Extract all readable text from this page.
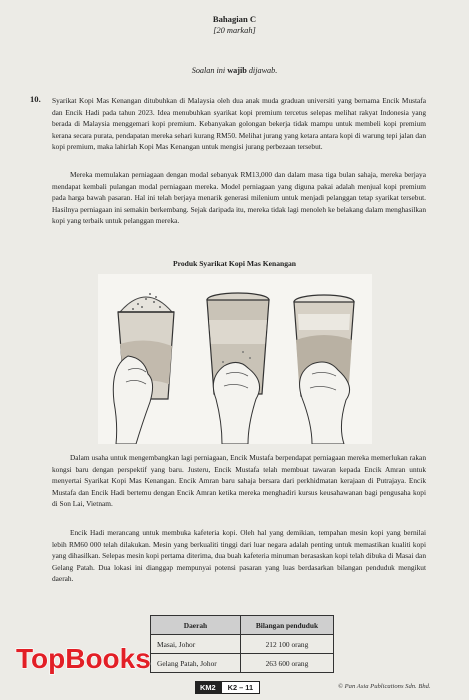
Bahagian C
[20 markah]
Soalan ini wajib dijawab.
10. Syarikat Kopi Mas Kenangan ditubuhkan di Malaysia oleh dua anak muda graduan universiti yang bernama Encik Mustafa dan Encik Hadi pada tahun 2023. Idea menubuhkan syarikat kopi premium tercetus selepas melihat rakyat Indonesia yang berada di Malaysia menggemari kopi premium. Kebanyakan golongan bekerja tidak mampu untuk membeli kopi premium kerana secara purata, pendapatan mereka sehari kurang RM50. Melihat jurang yang ketara antara kopi di warung tepi jalan dan kopi premium, maka lahirlah Kopi Mas Kenangan untuk mengisi jurang perbezaan tersebut.

Mereka memulakan perniagaan dengan modal sebanyak RM13,000 dan dalam masa tiga bulan sahaja, mereka berjaya mendapat kembali pulangan modal perniagaan mereka. Model perniagaan yang diguna pakai adalah menjual kopi premium pada harga bawah pasaran. Hal ini telah berjaya menarik generasi milenium untuk menjadi pelanggan tetap syarikat tersebut. Hasilnya perniagaan ini semakin berkembang. Sejak daripada itu, mereka tidak lagi menoleh ke belakang dalam menghasilkan kopi yang terbaik untuk pelanggan mereka.

Produk Syarikat Kopi Mas Kenangan

Dalam usaha untuk mengembangkan lagi perniagaan, Encik Mustafa berpendapat perniagaan mereka memerlukan rakan kongsi baru dengan perspektif yang baru. Justeru, Encik Mustafa telah membuat tawaran kepada Encik Amran untuk menyertai Syarikat Kopi Mas Kenangan. Encik Amran baru sahaja bersara dari perkhidmatan kerajaan di Putrajaya. Encik Mustafa dan Encik Hadi bertemu dengan Encik Amran ketika mereka menghadiri kursus keusahawanan bagi pengusaha kopi di Son Lai, Vietnam.

Encik Hadi merancang untuk membuka kafeteria kopi. Oleh hal yang demikian, tempahan mesin kopi yang bernilai lebih RM60 000 telah dilakukan. Mesin yang berkualiti tinggi dari luar negara adalah penting untuk memastikan kualiti kopi yang dihasilkan. Selepas mesin kopi pertama diterima, dua buah kafeteria minuman berasaskan kopi telah dibuka di Masai dan Gelang Patah. Dua lokasi ini dianggap mempunyai potensi pasaran yang luas berdasarkan bilangan penduduk mengikut daerah.

Daerah	Bilangan penduduk
Masai, Johor	212 100 orang
Gelang Patah, Johor	263 600 orang
TopBooks
KM2	K2 – 11	© Pan Asia Publications Sdn. Bhd.
